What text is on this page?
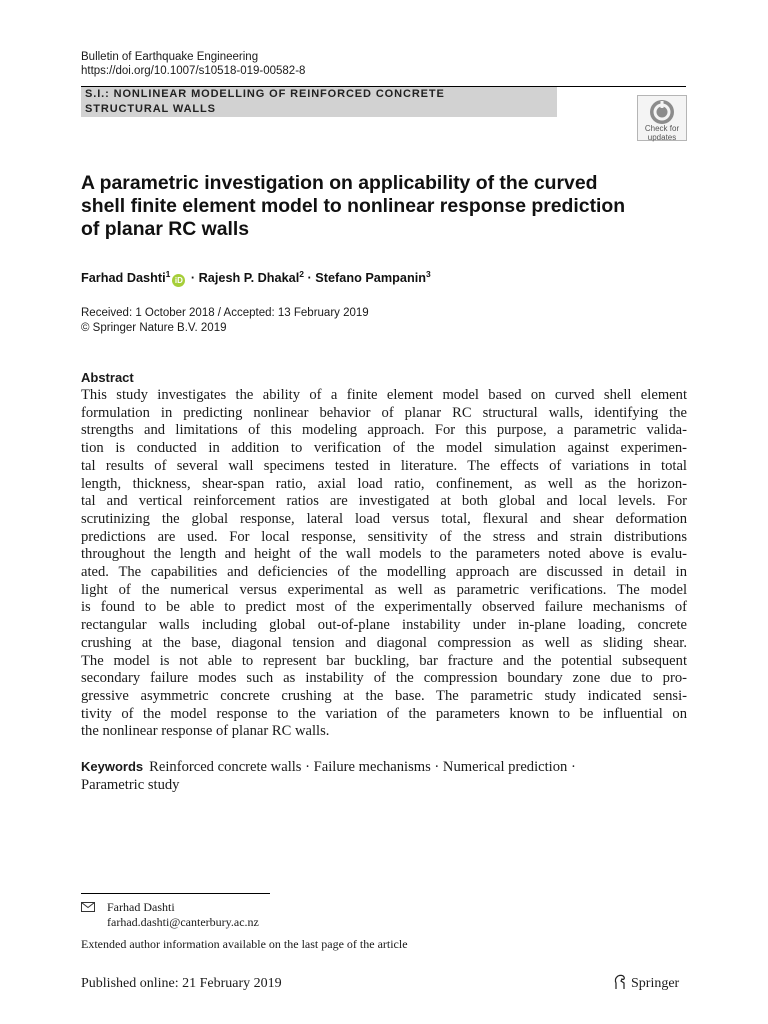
Bulletin of Earthquake Engineering
https://doi.org/10.1007/s10518-019-00582-8
S.I.: NONLINEAR MODELLING OF REINFORCED CONCRETE
STRUCTURAL WALLS
Check for
updates
A parametric investigation on applicability of the curved
shell finite element model to nonlinear response prediction
of planar RC walls
Farhad Dashti$^1$iD · Rajesh P. Dhakal$^2$ · Stefano Pampanin$^3$
Received: 1 October 2018 / Accepted: 13 February 2019
© Springer Nature B.V. 2019
Abstract
This study investigates the ability of a finite element model based on curved shell element
formulation in predicting nonlinear behavior of planar RC structural walls, identifying the
strengths and limitations of this modeling approach. For this purpose, a parametric valida-
tion is conducted in addition to verification of the model simulation against experimen-
tal results of several wall specimens tested in literature. The effects of variations in total
length, thickness, shear-span ratio, axial load ratio, confinement, as well as the horizon-
tal and vertical reinforcement ratios are investigated at both global and local levels. For
scrutinizing the global response, lateral load versus total, flexural and shear deformation
predictions are used. For local response, sensitivity of the stress and strain distributions
throughout the length and height of the wall models to the parameters noted above is evalu-
ated. The capabilities and deficiencies of the modelling approach are discussed in detail in
light of the numerical versus experimental as well as parametric verifications. The model
is found to be able to predict most of the experimentally observed failure mechanisms of
rectangular walls including global out-of-plane instability under in-plane loading, concrete
crushing at the base, diagonal tension and diagonal compression as well as sliding shear.
The model is not able to represent bar buckling, bar fracture and the potential subsequent
secondary failure modes such as instability of the compression boundary zone due to pro-
gressive asymmetric concrete crushing at the base. The parametric study indicated sensi-
tivity of the model response to the variation of the parameters known to be influential on
the nonlinear response of planar RC walls.
Keywords Reinforced concrete walls · Failure mechanisms · Numerical prediction ·
Parametric study
Farhad Dashti
farhad.dashti@canterbury.ac.nz
Extended author information available on the last page of the article
Published online: 21 February 2019	Springer
